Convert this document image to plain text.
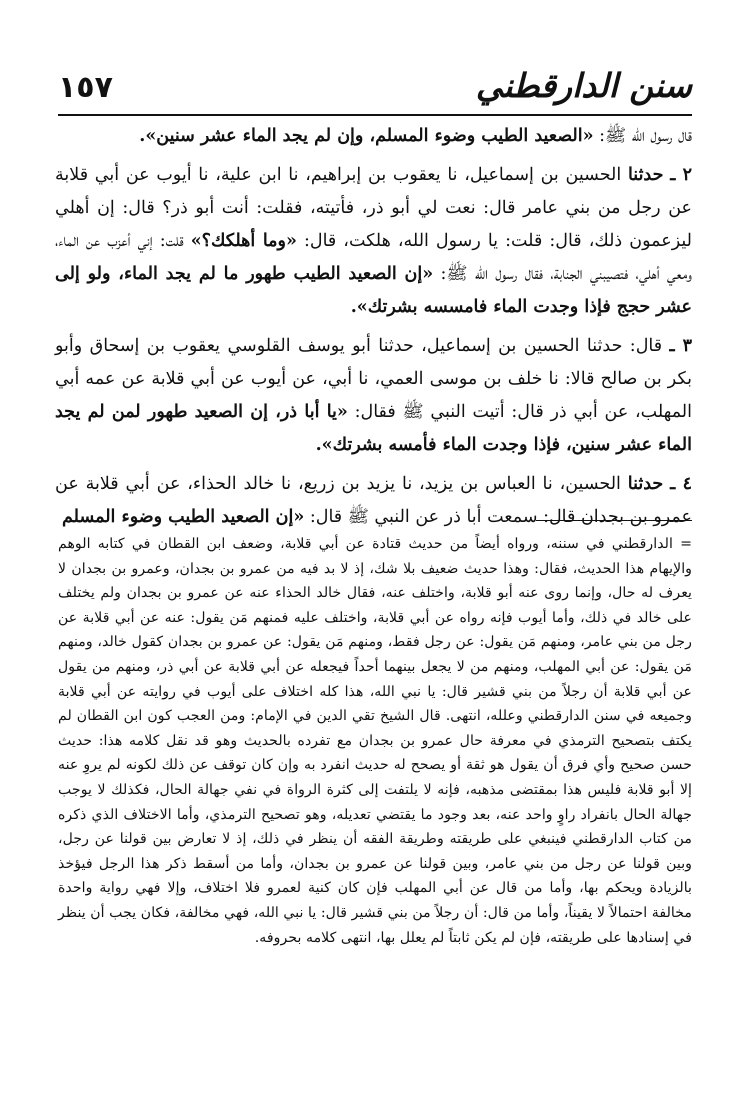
١٥٧	سنن الدارقطني

قال رسول الله ﷺ: «الصعيد الطيب وضوء المسلم، وإن لم يجد الماء عشر سنين».

٢ ـ حدثنا الحسين بن إسماعيل، نا يعقوب بن إبراهيم، نا ابن علية، نا أيوب عن أبي قلابة عن رجل من بني عامر قال: نعت لي أبو ذر، فأتيته، فقلت: أنت أبو ذر؟ قال: إن أهلي ليزعمون ذلك، قال: قلت: يا رسول الله، هلكت، قال: «وما أهلكك؟» قلت: إني أعزب عن الماء، ومعي أهلي، فتصيبني الجنابة، فقال رسول الله ﷺ: «إن الصعيد الطيب طهور ما لم يجد الماء، ولو إلى عشر حجج فإذا وجدت الماء فامسسه بشرتك».

٣ ـ قال: حدثنا الحسين بن إسماعيل، حدثنا أبو يوسف القلوسي يعقوب بن إسحاق وأبو بكر بن صالح قالا: نا خلف بن موسى العمي، نا أبي، عن أيوب عن أبي قلابة عن عمه أبي المهلب، عن أبي ذر قال: أتيت النبي ﷺ فقال: «يا أبا ذر، إن الصعيد طهور لمن لم يجد الماء عشر سنين، فإذا وجدت الماء فأمسه بشرتك».

٤ ـ حدثنا الحسين، نا العباس بن يزيد، نا يزيد بن زريع، نا خالد الحذاء، عن أبي قلابة عن عمرو بن بجدان قال: سمعت أبا ذر عن النبي ﷺ قال: «إن الصعيد الطيب وضوء المسلم

= الدارقطني في سننه، ورواه أيضاً من حديث قتادة عن أبي قلابة، وضعف ابن القطان في كتابه الوهم والإيهام هذا الحديث، فقال: وهذا حديث ضعيف بلا شك، إذ لا بد فيه من عمرو بن بجدان، وعمرو بن بجدان لا يعرف له حال، وإنما روى عنه أبو قلابة، واختلف عنه، فقال خالد الحذاء عنه عن عمرو بن بجدان ولم يختلف على خالد في ذلك، وأما أيوب فإنه رواه عن أبي قلابة، واختلف عليه فمنهم مَن يقول: عنه عن أبي قلابة عن رجل من بني عامر، ومنهم مَن يقول: عن رجل فقط، ومنهم مَن يقول: عن عمرو بن بجدان كقول خالد، ومنهم مَن يقول: عن أبي المهلب، ومنهم من لا يجعل بينهما أحداً فيجعله عن أبي قلابة عن أبي ذر، ومنهم من يقول عن أبي قلابة أن رجلاً من بني قشير قال: يا نبي الله، هذا كله اختلاف على أيوب في روايته عن أبي قلابة وجميعه في سنن الدارقطني وعلله، انتهى. قال الشيخ تقي الدين في الإمام: ومن العجب كون ابن القطان لم يكتف بتصحيح الترمذي في معرفة حال عمرو بن بجدان مع تفرده بالحديث وهو قد نقل كلامه هذا: حديث حسن صحيح وأي فرق أن يقول هو ثقة أو يصحح له حديث انفرد به وإن كان توقف عن ذلك لكونه لم يروِ عنه إلا أبو قلابة فليس هذا بمقتضى مذهبه، فإنه لا يلتفت إلى كثرة الرواة في نفي جهالة الحال، فكذلك لا يوجب جهالة الحال بانفراد راوٍ واحد عنه، بعد وجود ما يقتضي تعديله، وهو تصحيح الترمذي، وأما الاختلاف الذي ذكره من كتاب الدارقطني فينبغي على طريقته وطريقة الفقه أن ينظر في ذلك، إذ لا تعارض بين قولنا عن رجل، وبين قولنا عن رجل من بني عامر، وبين قولنا عن عمرو بن بجدان، وأما من أسقط ذكر هذا الرجل فيؤخذ بالزيادة ويحكم بها، وأما من قال عن أبي المهلب فإن كان كنية لعمرو فلا اختلاف، وإلا فهي رواية واحدة مخالفة احتمالاً لا يقيناً، وأما من قال: أن رجلاً من بني قشير قال: يا نبي الله، فهي مخالفة، فكان يجب أن ينظر في إسنادها على طريقته، فإن لم يكن ثابتاً لم يعلل بها، انتهى كلامه بحروفه.
